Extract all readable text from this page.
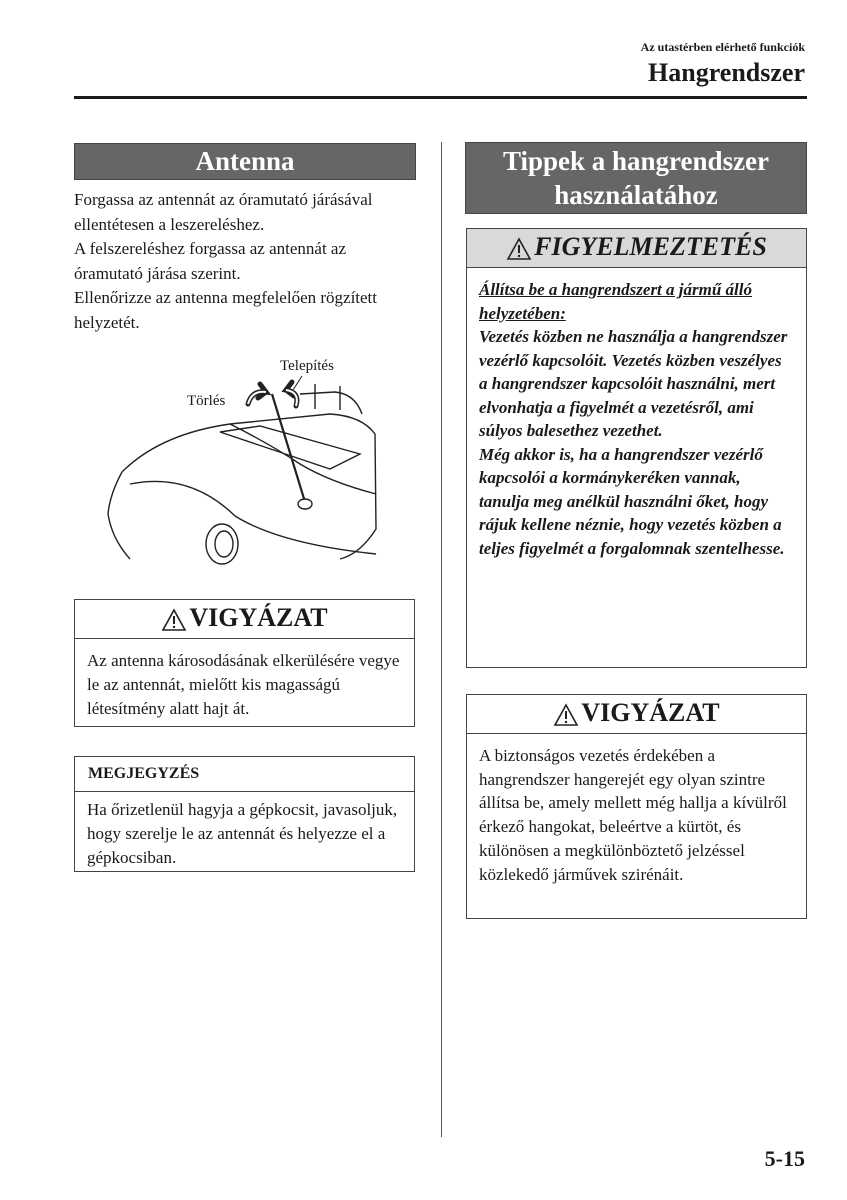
Az utastérben elérhető funkciók
Hangrendszer
Antenna

Forgassa az antennát az óramutató járásával ellentétesen a leszereléshez.

A felszereléshez forgassa az antennát az óramutató járása szerint.

Ellenőrizze az antenna megfelelően rögzített helyzetét.

Telepítés
Törlés
VIGYÁZAT
Az antenna károsodásának elkerülésére vegye le az antennát, mielőtt kis magasságú létesítmény alatt hajt át.
MEGJEGYZÉS
Ha őrizetlenül hagyja a gépkocsit, javasoljuk, hogy szerelje le az antennát és helyezze el a gépkocsiban.
Tippek a hangrendszer
használatához
FIGYELMEZTETÉS

Állítsa be a hangrendszert a jármű álló helyzetében:

Vezetés közben ne használja a hangrendszer vezérlő kapcsolóit. Vezetés közben veszélyes a hangrendszer kapcsolóit használni, mert elvonhatja a figyelmét a vezetésről, ami súlyos balesethez vezethet.

Még akkor is, ha a hangrendszer vezérlő kapcsolói a kormánykeréken vannak, tanulja meg anélkül használni őket, hogy rájuk kellene néznie, hogy vezetés közben a teljes figyelmét a forgalomnak szentelhesse.

VIGYÁZAT
A biztonságos vezetés érdekében a hangrendszer hangerejét egy olyan szintre állítsa be, amely mellett még hallja a kívülről érkező hangokat, beleértve a kürtöt, és különösen a megkülönböztető jelzéssel közlekedő járművek szirénáit.
5-15
